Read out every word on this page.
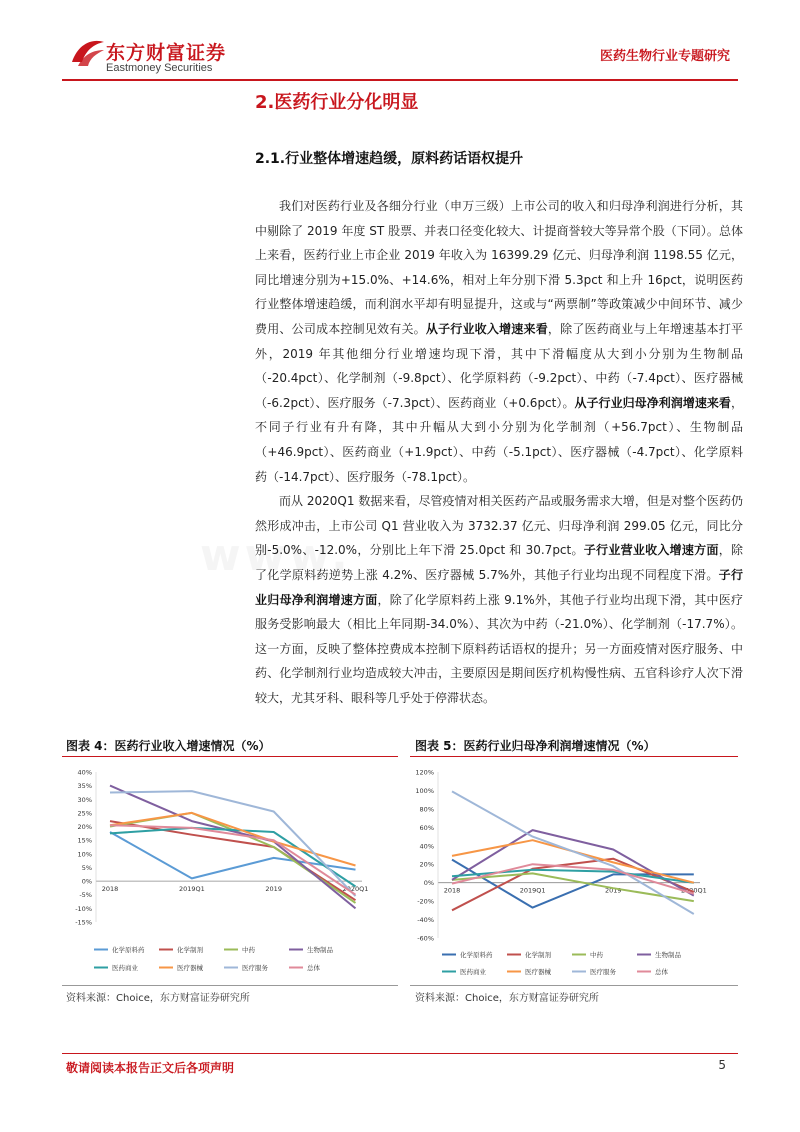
东方财富证券
Eastmoney Securities
医药生物行业专题研究
www.
2.医药行业分化明显
2.1.行业整体增速趋缓，原料药话语权提升

我们对医药行业及各细分行业（申万三级）上市公司的收入和归母净利润进行分析，其中剔除了 2019 年度 ST 股票、并表口径变化较大、计提商誉较大等异常个股（下同）。总体上来看，医药行业上市企业 2019 年收入为 16399.29 亿元、归母净利润 1198.55 亿元，同比增速分别为+15.0%、+14.6%，相对上年分别下滑 5.3pct 和上升 16pct，说明医药行业整体增速趋缓，而利润水平却有明显提升，这或与“两票制”等政策减少中间环节、减少费用、公司成本控制见效有关。从子行业收入增速来看，除了医药商业与上年增速基本打平外，2019 年其他细分行业增速均现下滑，其中下滑幅度从大到小分别为生物制品（-20.4pct）、化学制剂（-9.8pct）、化学原料药（-9.2pct）、中药（-7.4pct）、医疗器械（-6.2pct）、医疗服务（-7.3pct）、医药商业（+0.6pct）。从子行业归母净利润增速来看，不同子行业有升有降，其中升幅从大到小分别为化学制剂（+56.7pct）、生物制品（+46.9pct）、医药商业（+1.9pct）、中药（-5.1pct）、医疗器械（-4.7pct）、化学原料药（-14.7pct）、医疗服务（-78.1pct）。

而从 2020Q1 数据来看，尽管疫情对相关医药产品或服务需求大增，但是对整个医药仍然形成冲击，上市公司 Q1 营业收入为 3732.37 亿元、归母净利润 299.05 亿元，同比分别-5.0%、-12.0%，分别比上年下滑 25.0pct 和 30.7pct。子行业营业收入增速方面，除了化学原料药逆势上涨 4.2%、医疗器械 5.7%外，其他子行业均出现不同程度下滑。子行业归母净利润增速方面，除了化学原料药上涨 9.1%外，其他子行业均出现下滑，其中医疗服务受影响最大（相比上年同期-34.0%）、其次为中药（-21.0%）、化学制剂（-17.7%）。这一方面，反映了整体控费成本控制下原料药话语权的提升；另一方面疫情对医疗服务、中药、化学制剂行业均造成较大冲击，主要原因是期间医疗机构慢性病、五官科诊疗人次下滑较大，尤其牙科、眼科等几乎处于停滞状态。

图表 4：医药行业收入增速情况（%）
-15%
-10%
-5%
0%
5%
10%
15%
20%
25%
30%
35%
40%
2018	2019Q1	2019	2020Q1
化学原料药	化学制剂	中药	生物制品
医药商业	医疗器械	医疗服务	总体
资料来源：Choice，东方财富证券研究所
图表 5：医药行业归母净利润增速情况（%）
-60%
-40%
-20%
0%
20%
40%
60%
80%
100%
120%
2018	2019Q1	2019	2020Q1
化学原料药	化学制剂	中药	生物制品
医药商业	医疗器械	医疗服务	总体
资料来源：Choice，东方财富证券研究所
敬请阅读本报告正文后各项声明	5
